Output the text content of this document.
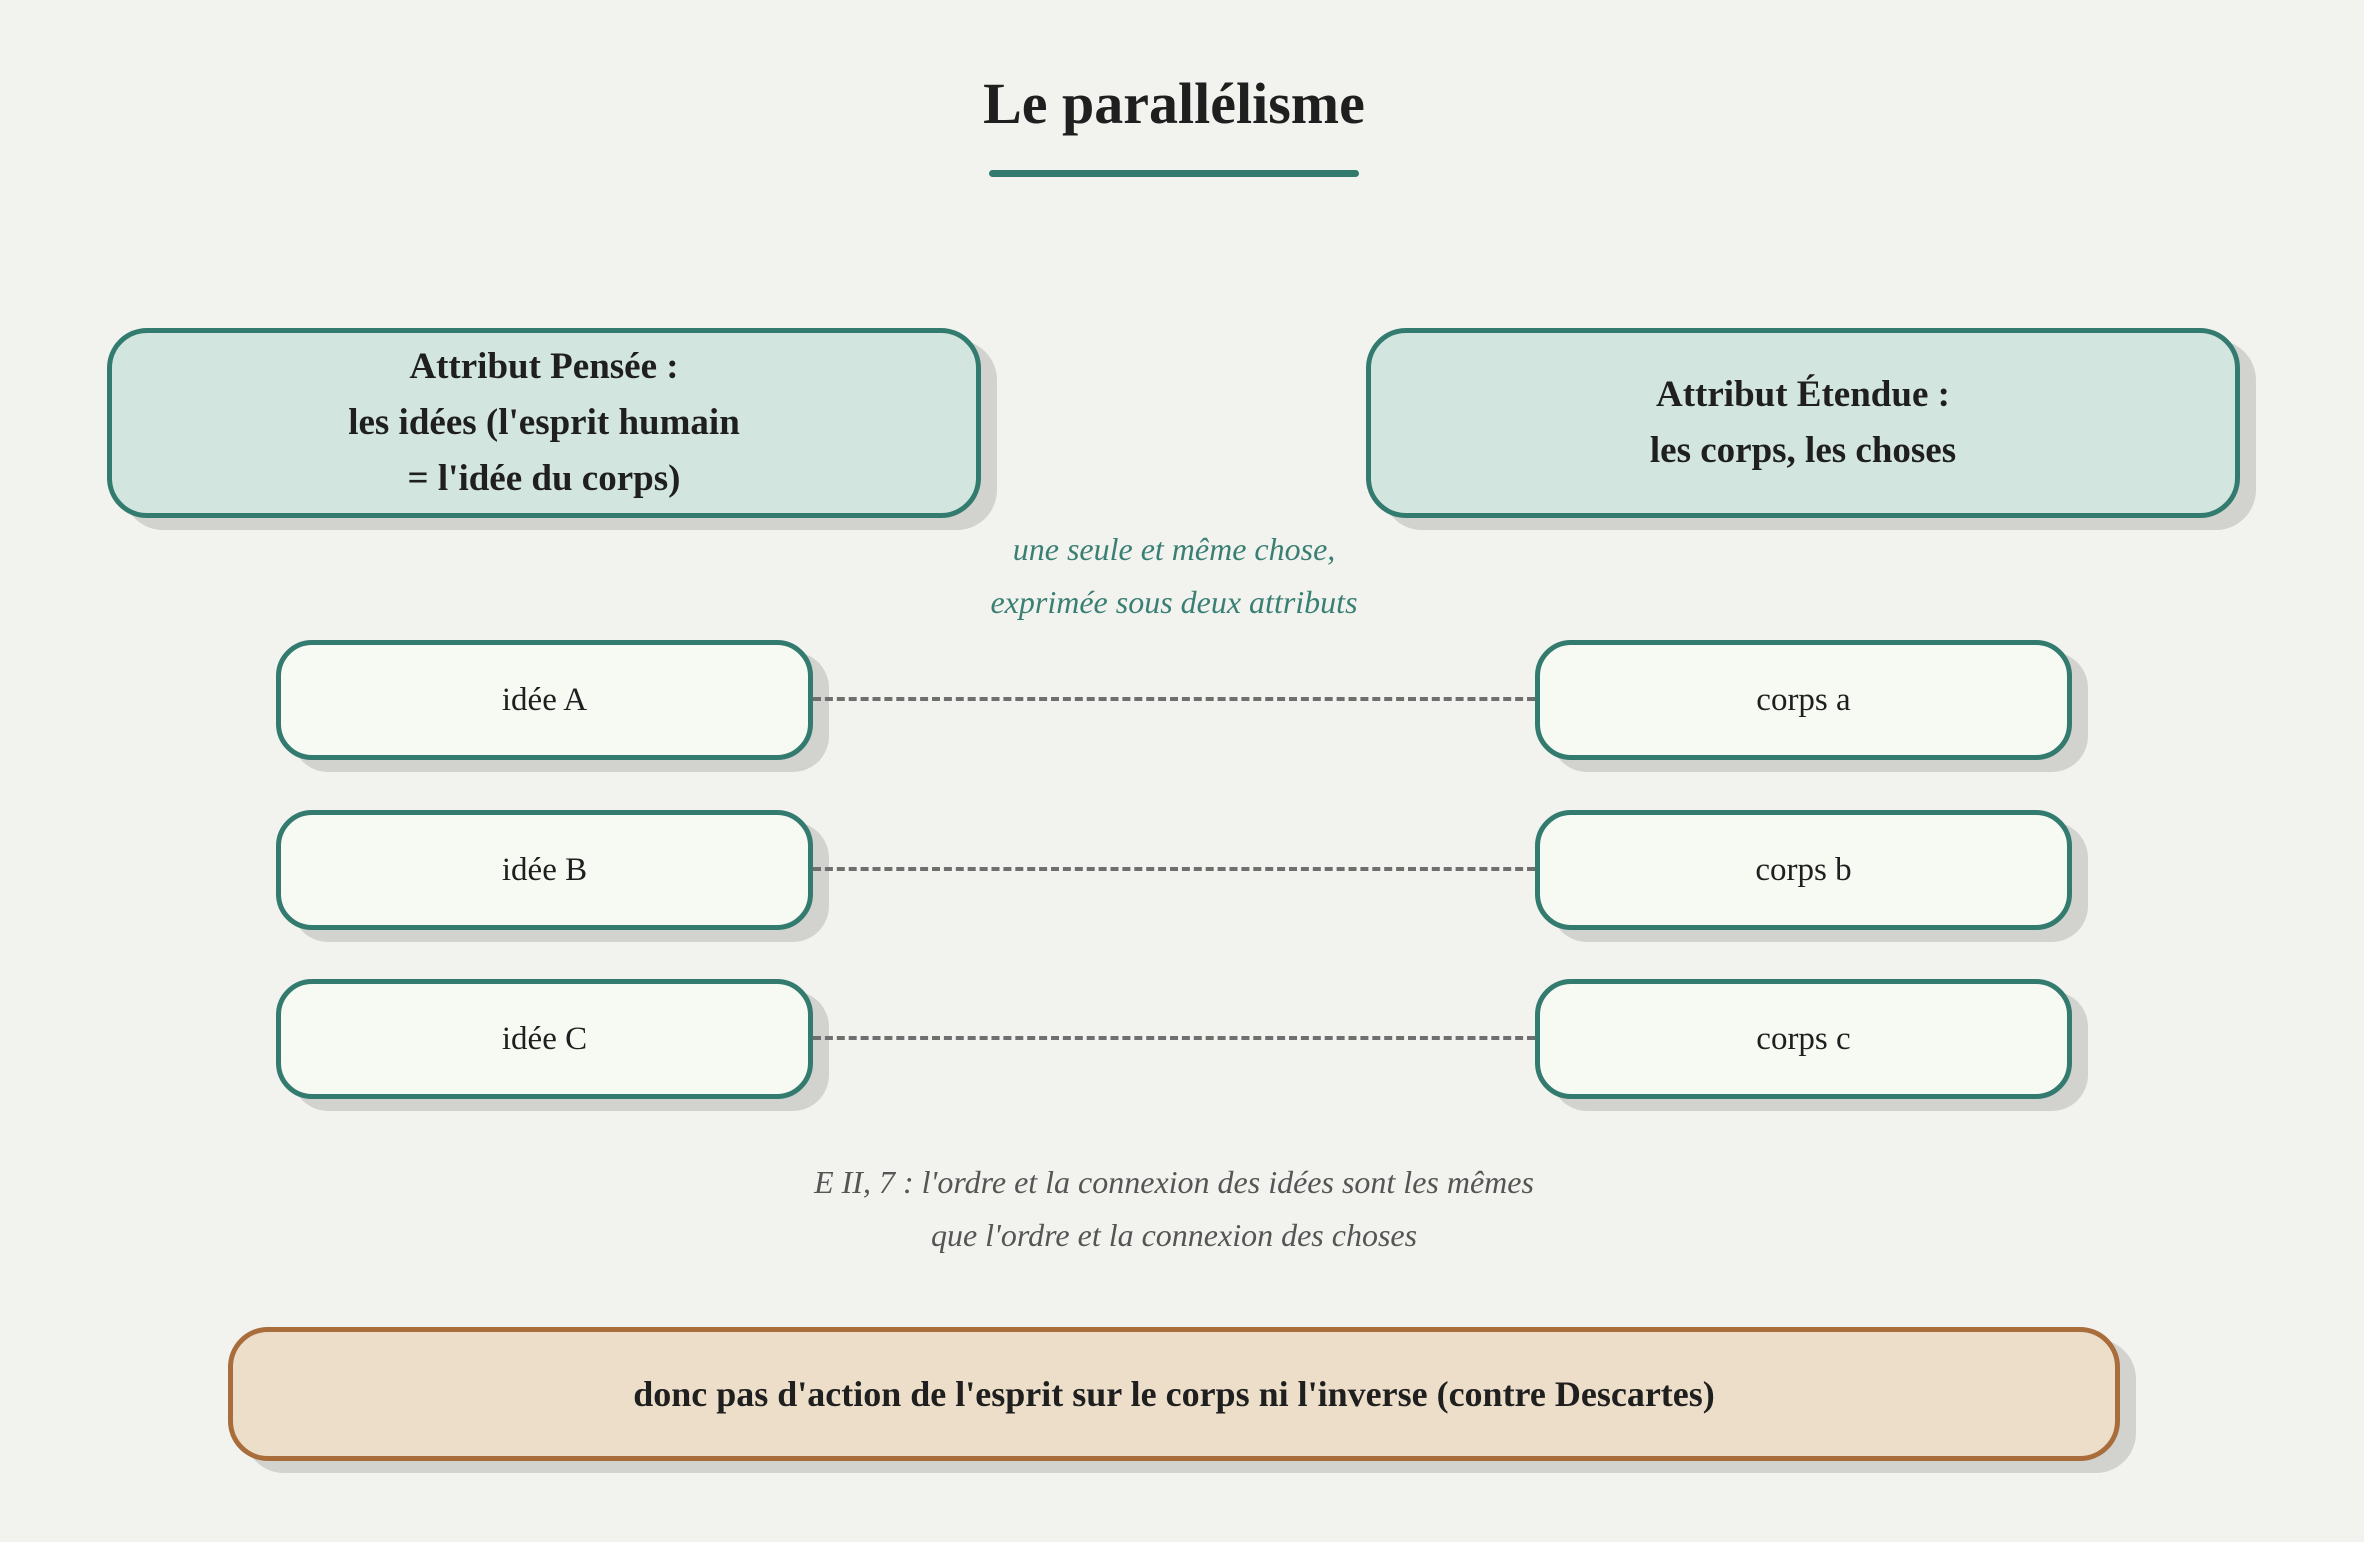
Le parallélisme
Attribut Pensée :
les idées (l'esprit humain
= l'idée du corps)
Attribut Étendue :
les corps, les choses
une seule et même chose,
exprimée sous deux attributs
idée A	corps a
idée B	corps b
idée C	corps c
E II, 7 : l'ordre et la connexion des idées sont les mêmes
que l'ordre et la connexion des choses
donc pas d'action de l'esprit sur le corps ni l'inverse (contre Descartes)
